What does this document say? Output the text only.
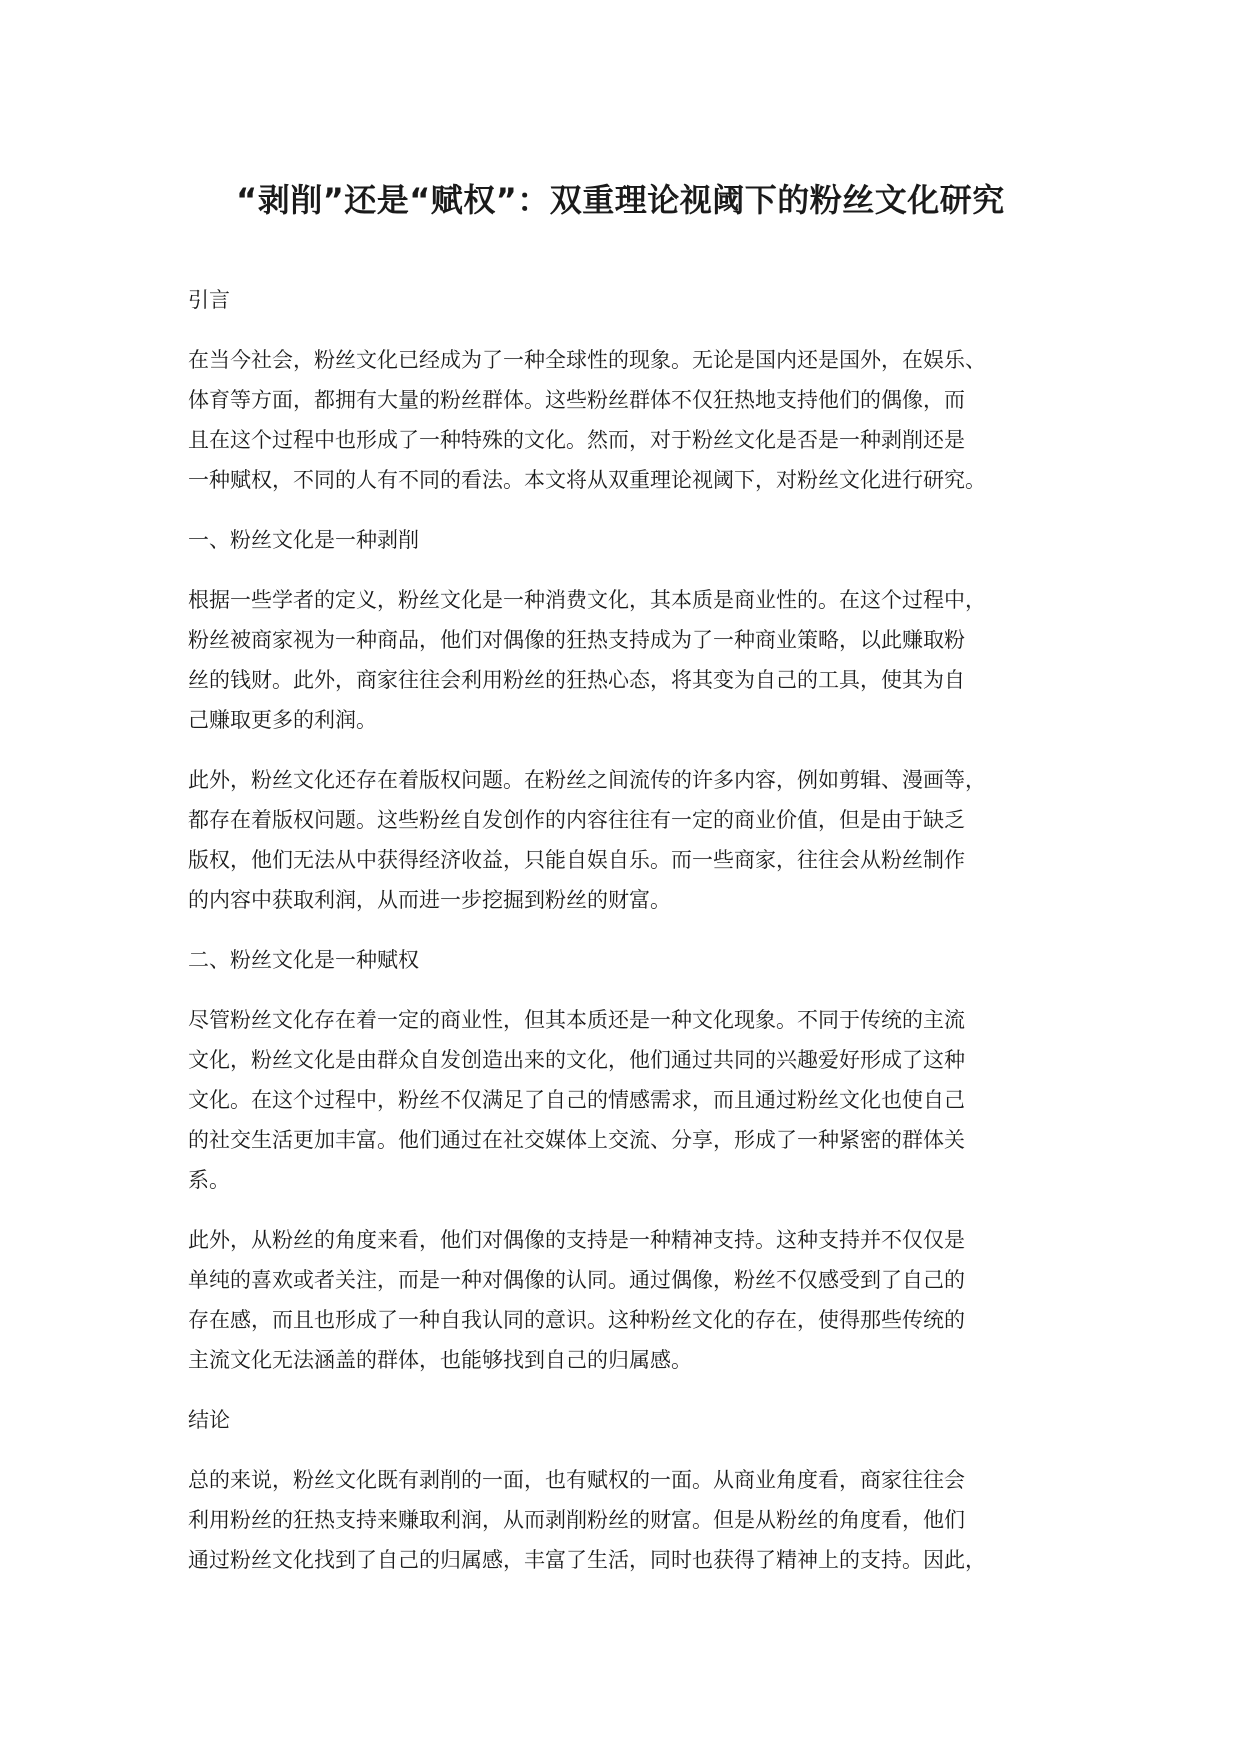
“剥削”还是“赋权”：双重理论视阈下的粉丝文化研究
引言
在当今社会，粉丝文化已经成为了一种全球性的现象。无论是国内还是国外，在娱乐、
体育等方面，都拥有大量的粉丝群体。这些粉丝群体不仅狂热地支持他们的偶像，而
且在这个过程中也形成了一种特殊的文化。然而，对于粉丝文化是否是一种剥削还是
一种赋权，不同的人有不同的看法。本文将从双重理论视阈下，对粉丝文化进行研究。
一、粉丝文化是一种剥削
根据一些学者的定义，粉丝文化是一种消费文化，其本质是商业性的。在这个过程中，
粉丝被商家视为一种商品，他们对偶像的狂热支持成为了一种商业策略，以此赚取粉
丝的钱财。此外，商家往往会利用粉丝的狂热心态，将其变为自己的工具，使其为自
己赚取更多的利润。
此外，粉丝文化还存在着版权问题。在粉丝之间流传的许多内容，例如剪辑、漫画等，
都存在着版权问题。这些粉丝自发创作的内容往往有一定的商业价值，但是由于缺乏
版权，他们无法从中获得经济收益，只能自娱自乐。而一些商家，往往会从粉丝制作
的内容中获取利润，从而进一步挖掘到粉丝的财富。
二、粉丝文化是一种赋权
尽管粉丝文化存在着一定的商业性，但其本质还是一种文化现象。不同于传统的主流
文化，粉丝文化是由群众自发创造出来的文化，他们通过共同的兴趣爱好形成了这种
文化。在这个过程中，粉丝不仅满足了自己的情感需求，而且通过粉丝文化也使自己
的社交生活更加丰富。他们通过在社交媒体上交流、分享，形成了一种紧密的群体关
系。
此外，从粉丝的角度来看，他们对偶像的支持是一种精神支持。这种支持并不仅仅是
单纯的喜欢或者关注，而是一种对偶像的认同。通过偶像，粉丝不仅感受到了自己的
存在感，而且也形成了一种自我认同的意识。这种粉丝文化的存在，使得那些传统的
主流文化无法涵盖的群体，也能够找到自己的归属感。
结论
总的来说，粉丝文化既有剥削的一面，也有赋权的一面。从商业角度看，商家往往会
利用粉丝的狂热支持来赚取利润，从而剥削粉丝的财富。但是从粉丝的角度看，他们
通过粉丝文化找到了自己的归属感，丰富了生活，同时也获得了精神上的支持。因此，
